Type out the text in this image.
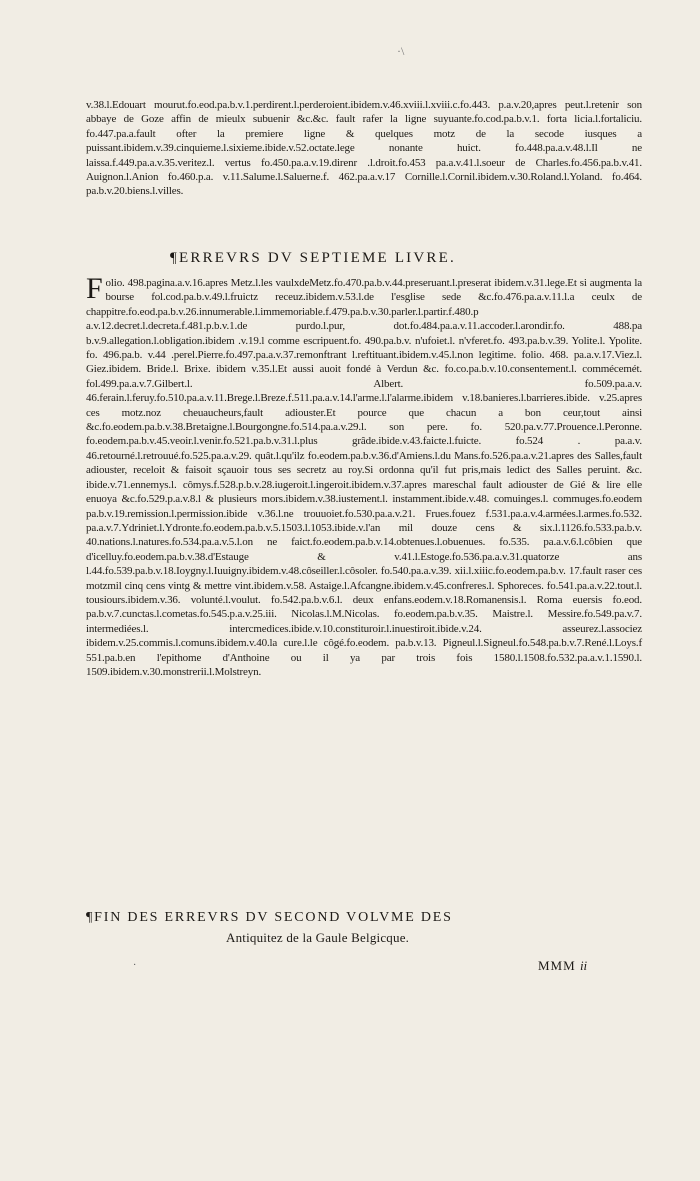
·\
v.38.l.Edouart mourut.fo.eod.pa.b.v.1.perdirent.l.perderoient.ibidem.v.46.xviii.l.xviii.c.fo.443. p.a.v.20,apres peut.l.retenir son abbaye de Goze affin de mieulx subuenir &c.&c. fault rafer la ligne suyuante.fo.cod.pa.b.v.1. forta licia.l.fortaliciu. fo.447.pa.a.fault ofter la premiere ligne & quelques motz de la secode iusques a puissant.ibidem.v.39.cinquieme.l.sixieme.ibide.v.52.octate.lege nonante huict. fo.448.pa.a.v.48.l.Il ne laissa.f.449.pa.a.v.35.veritez.l. vertus fo.450.pa.a.v.19.direnr .l.droit.fo.453 pa.a.v.41.l.soeur de Charles.fo.456.pa.b.v.41. Auignon.l.Anion fo.460.p.a. v.11.Salume.l.Saluerne.f. 462.pa.a.v.17 Cornille.l.Cornil.ibidem.v.30.Roland.l.Yoland. fo.464. pa.b.v.20.biens.l.villes.
¶ERREVRS DV SEPTIEME LIVRE.
F olio. 498.pagina.a.v.16.apres Metz.l.les vaulxdeMetz.fo.470.pa.b.v.44.preseruant.l.preserat ibidem.v.31.lege.Et si augmenta la bourse fol.cod.pa.b.v.49.l.fruictz receuz.ibidem.v.53.l.de l'esglise sede &c.fo.476.pa.a.v.11.l.a ceulx de chappitre.fo.eod.pa.b.v.26.innumerable.l.immemoriable.f.479.pa.b.v.30.parler.l.partir.f.480.p a.v.12.decret.l.decreta.f.481.p.b.v.1.de purdo.l.pur, dot.fo.484.pa.a.v.11.accoder.l.arondir.fo. 488.pa b.v.9.allegation.l.obligation.ibidem .v.19.l comme escripuent.fo. 490.pa.b.v. n'ufoiet.l. n'vferet.fo. 493.pa.b.v.39. Yolite.l. Ypolite. fo. 496.pa.b. v.44 .perel.Pierre.fo.497.pa.a.v.37.remonftrant l.reftituant.ibidem.v.45.l.non legitime. folio. 468. pa.a.v.17.Viez.l. Giez.ibidem. Bride.l. Brixe. ibidem v.35.l.Et aussi auoit fondé à Verdun &c. fo.co.pa.b.v.10.consentement.l. commécemét. fol.499.pa.a.v.7.Gilbert.l. Albert. fo.509.pa.a.v. 46.ferain.l.feruy.fo.510.pa.a.v.11.Brege.l.Breze.f.511.pa.a.v.14.l'arme.l.l'alarme.ibidem v.18.banieres.l.barrieres.ibide. v.25.apres ces motz.noz cheuaucheurs,fault adiouster.Et pource que chacun a bon ceur,tout ainsi &c.fo.eodem.pa.b.v.38.Bretaigne.l.Bourgongne.fo.514.pa.a.v.29.l. son pere. fo. 520.pa.v.77.Prouence.l.Peronne. fo.eodem.pa.b.v.45.veoir.l.venir.fo.521.pa.b.v.31.l.plus grâde.ibide.v.43.faicte.l.fuicte. fo.524 . pa.a.v. 46.retourné.l.retrouué.fo.525.pa.a.v.29. quât.l.qu'ilz fo.eodem.pa.b.v.36.d'Amiens.l.du Mans.fo.526.pa.a.v.21.apres des Salles,fault adiouster, receloit & faisoit sçauoir tous ses secretz au roy.Si ordonna qu'il fut pris,mais ledict des Salles peruint. &c. ibide.v.71.ennemys.l. cômys.f.528.p.b.v.28.iugeroit.l.ingeroit.ibidem.v.37.apres mareschal fault adiouster de Gié & lire elle enuoya &c.fo.529.p.a.v.8.l & plusieurs mors.ibidem.v.38.iustement.l. instamment.ibide.v.48. comuinges.l. commuges.fo.eodem pa.b.v.19.remission.l.permission.ibide v.36.l.ne trouuoiet.fo.530.pa.a.v.21. Frues.fouez f.531.pa.a.v.4.armées.l.armes.fo.532. pa.a.v.7.Ydriniet.l.Ydronte.fo.eodem.pa.b.v.5.1503.l.1053.ibide.v.l'an mil douze cens & six.l.1126.fo.533.pa.b.v. 40.nations.l.natures.fo.534.pa.a.v.5.l.on ne faict.fo.eodem.pa.b.v.14.obtenues.l.obuenues. fo.535. pa.a.v.6.l.côbien que d'icelluy.fo.eodem.pa.b.v.38.d'Estauge & v.41.l.Estoge.fo.536.pa.a.v.31.quatorze ans l.44.fo.539.pa.b.v.18.Ioygny.l.Iuuigny.ibidem.v.48.côseiller.l.côsoler. fo.540.pa.a.v.39. xii.l.xiiic.fo.eodem.pa.b.v. 17.fault raser ces motzmil cinq cens vintg & mettre vint.ibidem.v.58. Astaige.l.Afcangne.ibidem.v.45.confreres.l. Sphoreces. fo.541.pa.a.v.22.tout.l. tousiours.ibidem.v.36. volunté.l.voulut. fo.542.pa.b.v.6.l. deux enfans.eodem.v.18.Romanensis.l. Roma euersis fo.eod. pa.b.v.7.cunctas.l.cometas.fo.545.p.a.v.25.iii. Nicolas.l.M.Nicolas. fo.eodem.pa.b.v.35. Maistre.l. Messire.fo.549.pa.v.7. intermediées.l. intercmedices.ibide.v.10.constituroir.l.inuestiroit.ibide.v.24. asseurez.l.associez ibidem.v.25.commis.l.comuns.ibidem.v.40.la cure.l.le côgé.fo.eodem. pa.b.v.13. Pigneul.l.Signeul.fo.548.pa.b.v.7.René.l.Loys.f 551.pa.b.en l'epithome d'Anthoine ou il ya par trois fois 1580.l.1508.fo.532.pa.a.v.1.1590.l. 1509.ibidem.v.30.monstrerii.l.Molstreyn.
¶FIN DES ERREVRS DV SECOND VOLVME DES
Antiquitez de la Gaule Belgicque.
·	MMM ii
